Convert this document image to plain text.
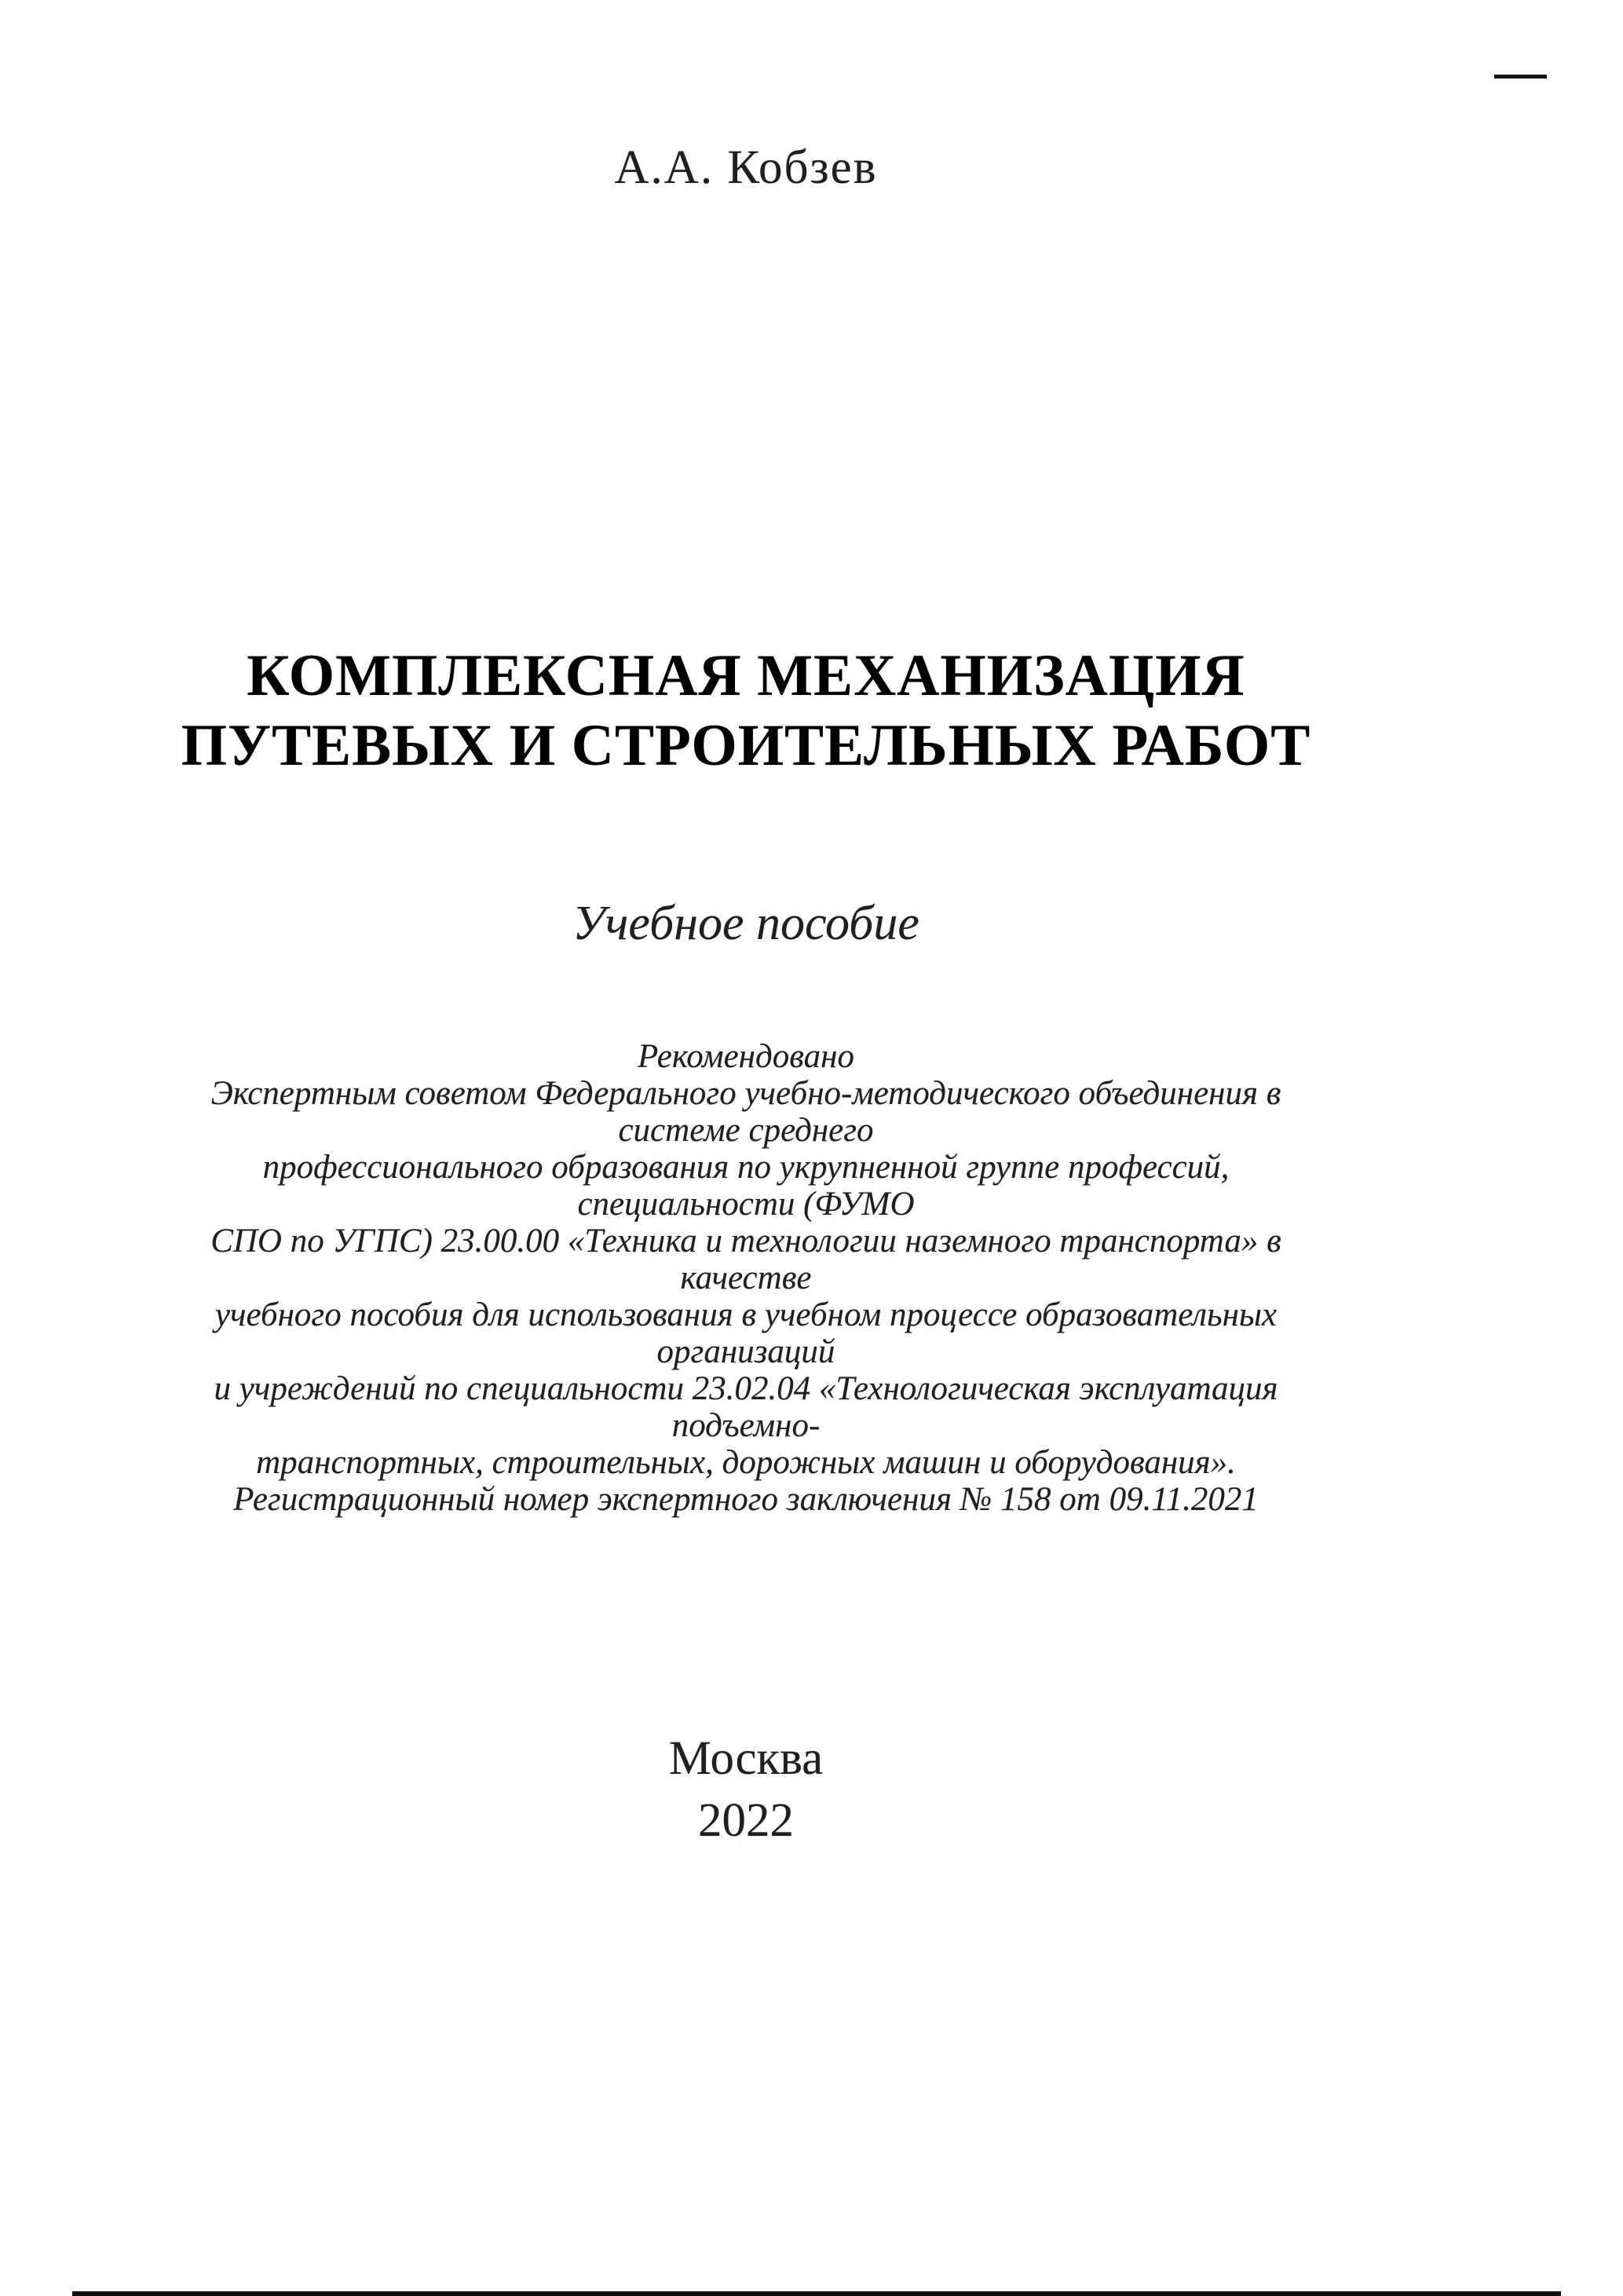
А.А. Кобзев
КОМПЛЕКСНАЯ МЕХАНИЗАЦИЯ
ПУТЕВЫХ И СТРОИТЕЛЬНЫХ РАБОТ
Учебное пособие
Рекомендовано
Экспертным советом Федерального учебно-методического объединения в системе среднего
профессионального образования по укрупненной группе профессий, специальности (ФУМО
СПО по УГПС) 23.00.00 «Техника и технологии наземного транспорта» в качестве
учебного пособия для использования в учебном процессе образовательных организаций
и учреждений по специальности 23.02.04 «Технологическая эксплуатация подъемно-
транспортных, строительных, дорожных машин и оборудования».
Регистрационный номер экспертного заключения № 158 от 09.11.2021
Москва
2022
